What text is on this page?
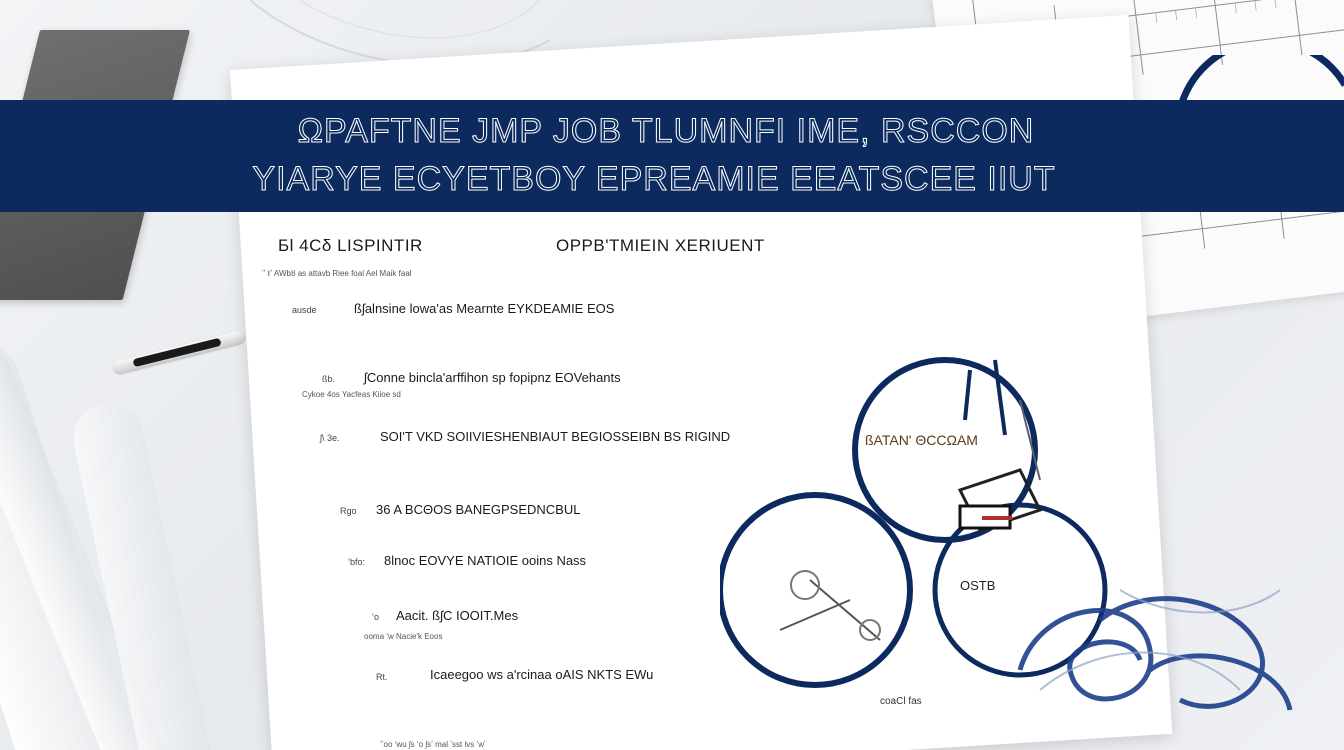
ΩPAFTNE JMP JOB TLUMNFI IME, RSCCON
YIARYE ECYETBOY EPREAMIE EEATSCEE IIUT
Бl 4Cδ LISPINTIR	OPPB'TMIEIN XERIUENT
ʼʼ ℓʼ AWbȣ as attavb Riee foal Ael Maik faal
ausde	ßʃalnsine lowa'as Mearnte EYKDEAMIE EOS
ßb. ʃConne bincla'arffihon sp fopipnz EOVehants
Cykoe 4οs Yacfeas Kiioe sd
ʃ\ 3e.	SOI'T VKD SOIIVIESHENBIAUT BEGIOSSEIBN BS RIGIND
Rgo 36 A BCΘOS BANEGPSEDNCBUL
ʻbfo: 8lnoc EOVYE NATIOIE ooins Nass
ʻo Aacit. ßʃC IOOIT.Mes
ooma ʻw Nacie'k Eoos
Rt.	Icaeegoo ws a'rcinaa oAIS NKTS EWu
ʼʼoo ʻwu ʃs ʻo ʃsʼ mal ʼsst lvs ʼwʼ
ßATAN' ΘCCΩAM
OSTB
coaCl fas
